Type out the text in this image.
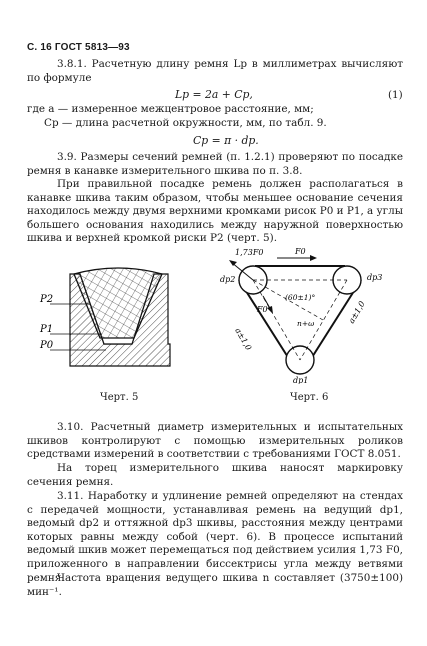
С. 16 ГОСТ 5813—93
3.8.1. Расчетную длину ремня Lp в миллиметрах вычисляют по формуле
Lp = 2a + Cp,	(1)
где a — измеренное межцентровое расстояние, мм;
Cp — длина расчетной окружности, мм, по табл. 9.
Cp = π · dp.
3.9. Размеры сечений ремней (п. 1.2.1) проверяют по посадке ремня в канавке измерительного шкива по п. 3.8.
При правильной посадке ремень должен располагаться в канавке шкива таким образом, чтобы меньшее основание сечения находилось между двумя верхними кромками рисок P0 и P1, а углы большего основания находились между наружной поверхностью шкива и верхней кромкой риски P2 (черт. 5).
P2
P1
P0
Черт. 5
1,73F0
dp2
F0
dp3
F0
(60±1)°
n+ω
a±1,0
a±1,0
dp1
Черт. 6
3.10. Расчетный диаметр измерительных и испытательных шкивов контролируют с помощью измерительных роликов средствами измерений в соответствии с требованиями ГОСТ 8.051.
На торец измерительного шкива наносят маркировку сечения ремня.
3.11. Наработку и удлинение ремней определяют на стендах с передачей мощности, устанавливая ремень на ведущий dp1, ведомый dp2 и оттяжной dp3 шкивы, расстояния между центрами которых равны между собой (черт. 6). В процессе испытаний ведомый шкив может перемещаться под действием усилия 1,73 F0, приложенного в направлении биссектрисы угла между ветвями ремня.
Частота вращения ведущего шкива n составляет (3750±100) мин⁻¹.
